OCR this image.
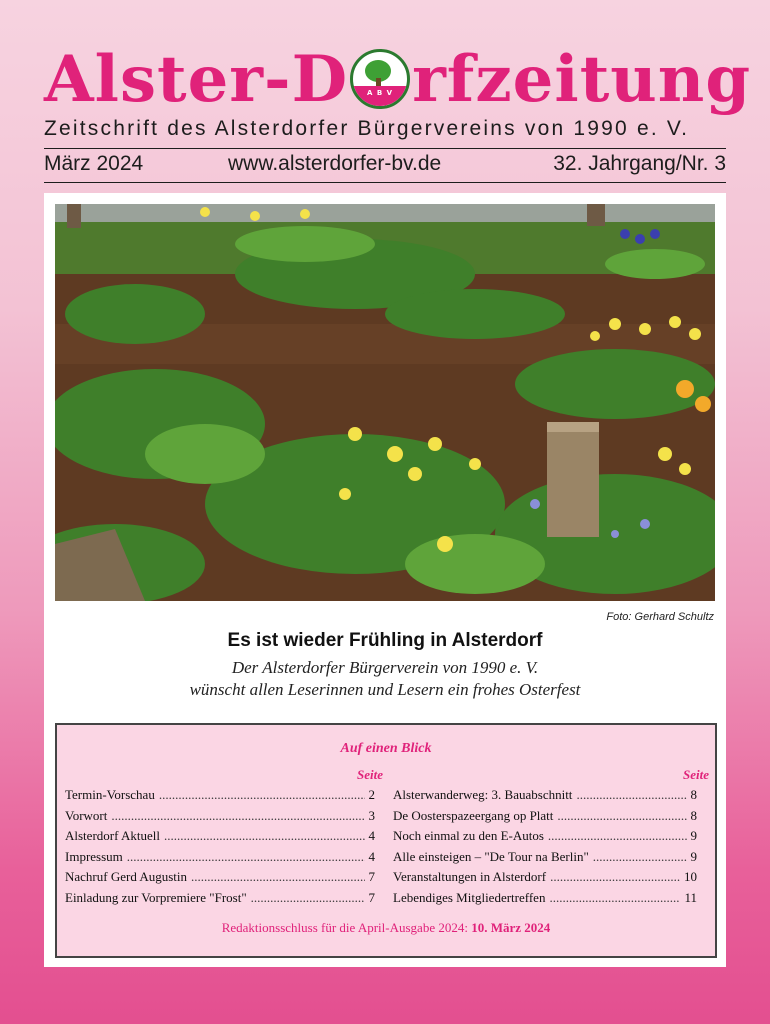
Alster-D	A B V rfzeitung
Zeitschrift des Alsterdorfer Bürgervereins von 1990 e. V.
März 2024	www.alsterdorfer-bv.de	32. Jahrgang/Nr. 3
Foto: Gerhard Schultz
Es ist wieder Frühling in Alsterdorf
Der Alsterdorfer Bürgerverein von 1990 e. V.
wünscht allen Leserinnen und Lesern ein frohes Osterfest
Auf einen Blick
Seite	Seite
Termin-Vorschau .....	2
Vorwort .....	3
Alsterdorf Aktuell .....	4
Impressum .....	4
Nachruf Gerd Augustin .....	7
Einladung zur Vorpremiere "Frost" .....	7
Alsterwanderweg: 3. Bauabschnitt .....	8
De Oosterspazeergang op Platt .....	8
Noch einmal zu den E-Autos .....	9
Alle einsteigen – "De Tour na Berlin" .....	9
Veranstaltungen in Alsterdorf .....	10
Lebendiges Mitgliedertreffen .....	11
Redaktionsschluss für die April-Ausgabe 2024: 10. März 2024
